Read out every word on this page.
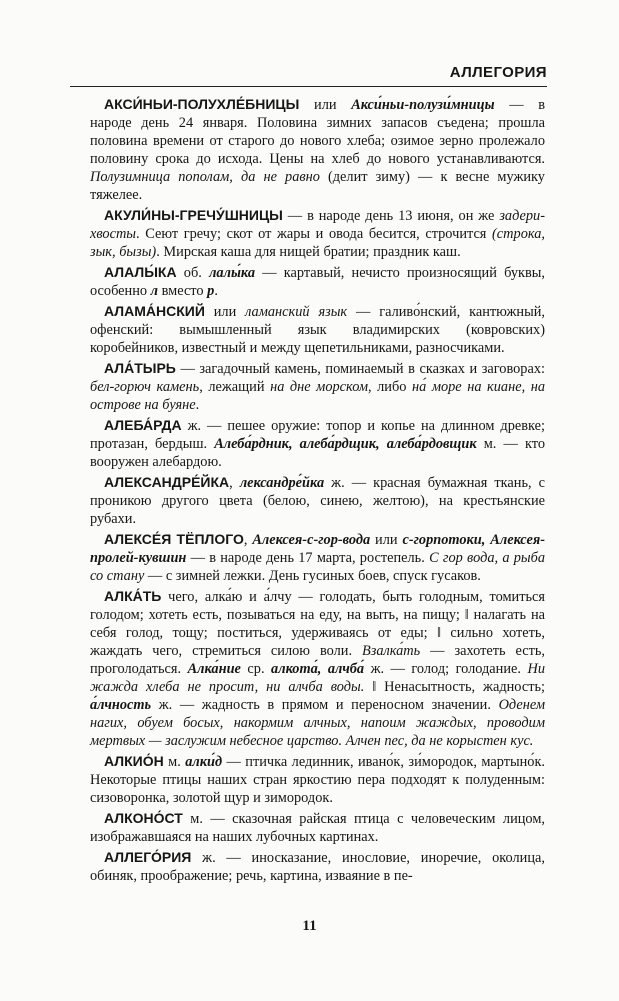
АЛЛЕГОРИЯ

АКСИ́НЬИ-ПОЛУХЛЕ́БНИЦЫ или Акси́ньи-полузи́мницы — в народе день 24 января. Половина зимних запасов съедена; прошла половина времени от старого до нового хлеба; озимое зерно пролежало половину срока до исхода. Цены на хлеб до нового устанавливаются. Полузимница пополам, да не равно (делит зиму) — к весне мужику тяжелее.

АКУЛИ́НЫ-ГРЕЧУ́ШНИЦЫ — в народе день 13 июня, он же задери-хвосты. Сеют гречу; скот от жары и овода бесится, строчится (строка, зык, бызы). Мирская каша для нищей братии; праздник каш.

АЛАЛЫ́КА об. лалы́ка — картавый, нечисто произносящий буквы, особенно л вместо р.

АЛАМА́НСКИЙ или ламанский язык — галиво́нский, кантюжный, офенский: вымышленный язык владимирских (ковровских) коробейников, известный и между щепетильниками, разносчиками.

АЛА́ТЫРЬ — загадочный камень, поминаемый в сказках и заговорах: бел-горюч камень, лежащий на дне морском, либо на́ море на киане, на острове на буяне.

АЛЕБА́РДА ж. — пешее оружие: топор и копье на длинном древке; протазан, бердыш. Алеба́рдник, алеба́рдщик, алеба́рдовщик м. — кто вооружен алебардою.

АЛЕКСАНДРЕ́ЙКА, лександре́йка ж. — красная бумажная ткань, с проникою другого цвета (белою, синею, желтою), на крестьянские рубахи.

АЛЕКСЕ́Я ТЁПЛОГО, Алексея-с-гор-вода или с-горпотоки, Алексея-пролей-кувшин — в народе день 17 марта, ростепель. С гор вода, а рыба со стану — с зимней лежки. День гусиных боев, спуск гусаков.

АЛКА́ТЬ чего, алка́ю и а́лчу — голодать, быть голодным, томиться голодом; хотеть есть, позываться на еду, на выть, на пищу; ‖ налагать на себя голод, тощу; поститься, удерживаясь от еды; ‖ сильно хотеть, жаждать чего, стремиться силою воли. Взалка́ть — захотеть есть, проголодаться. Алка́ние ср. алкота́, алчба́ ж. — голод; голодание. Ни жажда хлеба не просит, ни алчба воды. ‖ Ненасытность, жадность; а́лчность ж. — жадность в прямом и переносном значении. Оденем нагих, обуем босых, накормим алчных, напоим жаждых, проводим мертвых — заслужим небесное царство. Алчен пес, да не корыстен кус.

АЛКИО́Н м. алки́д — птичка лединник, ивано́к, зи́мородок, мартыно́к. Некоторые птицы наших стран яркостию пера подходят к полуденным: сизоворонка, золотой щур и зимородок.

АЛКОНО́СТ м. — сказочная райская птица с человеческим лицом, изображавшаяся на наших лубочных картинах.

АЛЛЕГО́РИЯ ж. — иносказание, инословие, иноречие, околица, обиняк, проображение; речь, картина, изваяние в пе-

11
